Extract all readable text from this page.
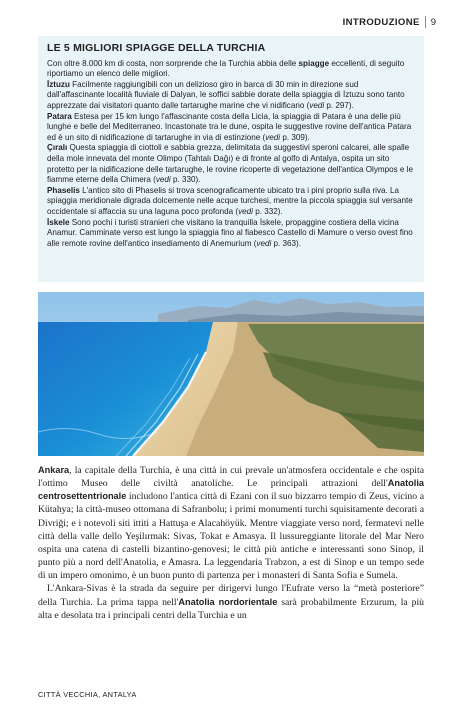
INTRODUZIONE 9
LE 5 MIGLIORI SPIAGGE DELLA TURCHIA

Con oltre 8.000 km di costa, non sorprende che la Turchia abbia delle spiagge eccellenti, di seguito riportiamo un elenco delle migliori.

İztuzu Facilmente raggiungibili con un delizioso giro in barca di 30 min in direzione sud dall'affascinante località fluviale di Dalyan, le soffici sabbie dorate della spiaggia di İztuzu sono tanto apprezzate dai visitatori quanto dalle tartarughe marine che vi nidificano (vedi p. 297).

Patara Estesa per 15 km lungo l'affascinante costa della Licia, la spiaggia di Patara è una delle più lunghe e belle del Mediterraneo. Incastonate tra le dune, ospita le suggestive rovine dell'antica Patara ed è un sito di nidificazione di tartarughe in via di estinzione (vedi p. 309).

Çıralı Questa spiaggia di ciottoli e sabbia grezza, delimitata da suggestivi speroni calcarei, alle spalle della mole innevata del monte Olimpo (Tahtalı Dağı) e di fronte al golfo di Antalya, ospita un sito protetto per la nidificazione delle tartarughe, le rovine ricoperte di vegetazione dell'antica Olympos e le fiamme eterne della Chimera (vedi p. 330).

Phaselis L'antico sito di Phaselis si trova scenograficamente ubicato tra i pini proprio sulla riva. La spiaggia meridionale digrada dolcemente nelle acque turchesi, mentre la piccola spiaggia sul versante occidentale si affaccia su una laguna poco profonda (vedi p. 332).

İskele Sono pochi i turisti stranieri che visitano la tranquilla İskele, propaggine costiera della vicina Anamur. Camminate verso est lungo la spiaggia fino al fiabesco Castello di Mamure o verso ovest fino alle remote rovine dell'antico insediamento di Anemurium (vedi p. 363).

Ankara, la capitale della Turchia, è una città in cui prevale un'atmosfera occidentale e che ospita l'ottimo Museo delle civiltà anatoliche. Le principali attrazioni dell'Anatolia centrosettentrionale includono l'antica città di Ezani con il suo bizzarro tempio di Zeus, vicino a Kütahya; la città-museo ottomana di Safranbolu; i primi monumenti turchi squisitamente decorati a Divriği; e i notevoli siti ittiti a Hattuşa e Alacahöyük. Mentre viaggiate verso nord, fermatevi nelle città della valle dello Yeşilırmak: Sivas, Tokat e Amasya. Il lussureggiante litorale del Mar Nero ospita una catena di castelli bizantino-genovesi; le città più antiche e interessanti sono Sinop, il punto più a nord dell'Anatolia, e Amasra. La leggendaria Trabzon, a est di Sinop e un tempo sede di un impero omonimo, è un buon punto di partenza per i monasteri di Santa Sofia e Sumela.

L'Ankara-Sivas è la strada da seguire per dirigervi lungo l'Eufrate verso la “metà posteriore” della Turchia. La prima tappa nell'Anatolia nordorientale sarà probabilmente Erzurum, la più alta e desolata tra i principali centri della Turchia e un

CITTÀ VECCHIA, ANTALYA
